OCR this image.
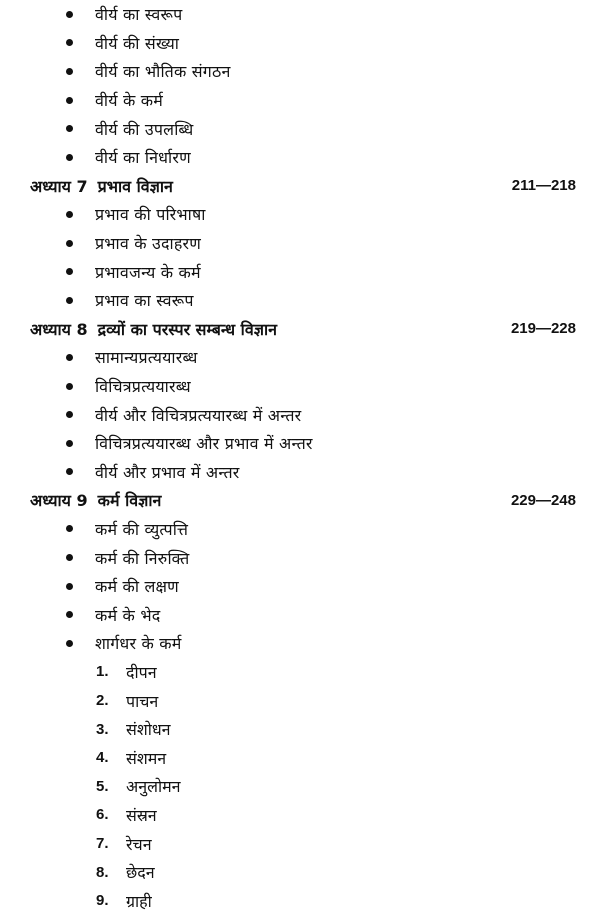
वीर्य का स्वरूप
वीर्य की संख्या
वीर्य का भौतिक संगठन
वीर्य के कर्म
वीर्य की उपलब्धि
वीर्य का निर्धारण
अध्याय 7 प्रभाव विज्ञान	211—218
प्रभाव की परिभाषा
प्रभाव के उदाहरण
प्रभावजन्य के कर्म
प्रभाव का स्वरूप
अध्याय 8 द्रव्यों का परस्पर सम्बन्ध विज्ञान	219—228
सामान्यप्रत्ययारब्ध
विचित्रप्रत्ययारब्ध
वीर्य और विचित्रप्रत्ययारब्ध में अन्तर
विचित्रप्रत्ययारब्ध और प्रभाव में अन्तर
वीर्य और प्रभाव में अन्तर
अध्याय 9 कर्म विज्ञान	229—248
कर्म की व्युत्पत्ति
कर्म की निरुक्ति
कर्म की लक्षण
कर्म के भेद
शार्गधर के कर्म
1.	दीपन
2.	पाचन
3.	संशोधन
4.	संशमन
5.	अनुलोमन
6.	संस्रन
7.	रेचन
8.	छेदन
9.	ग्राही
